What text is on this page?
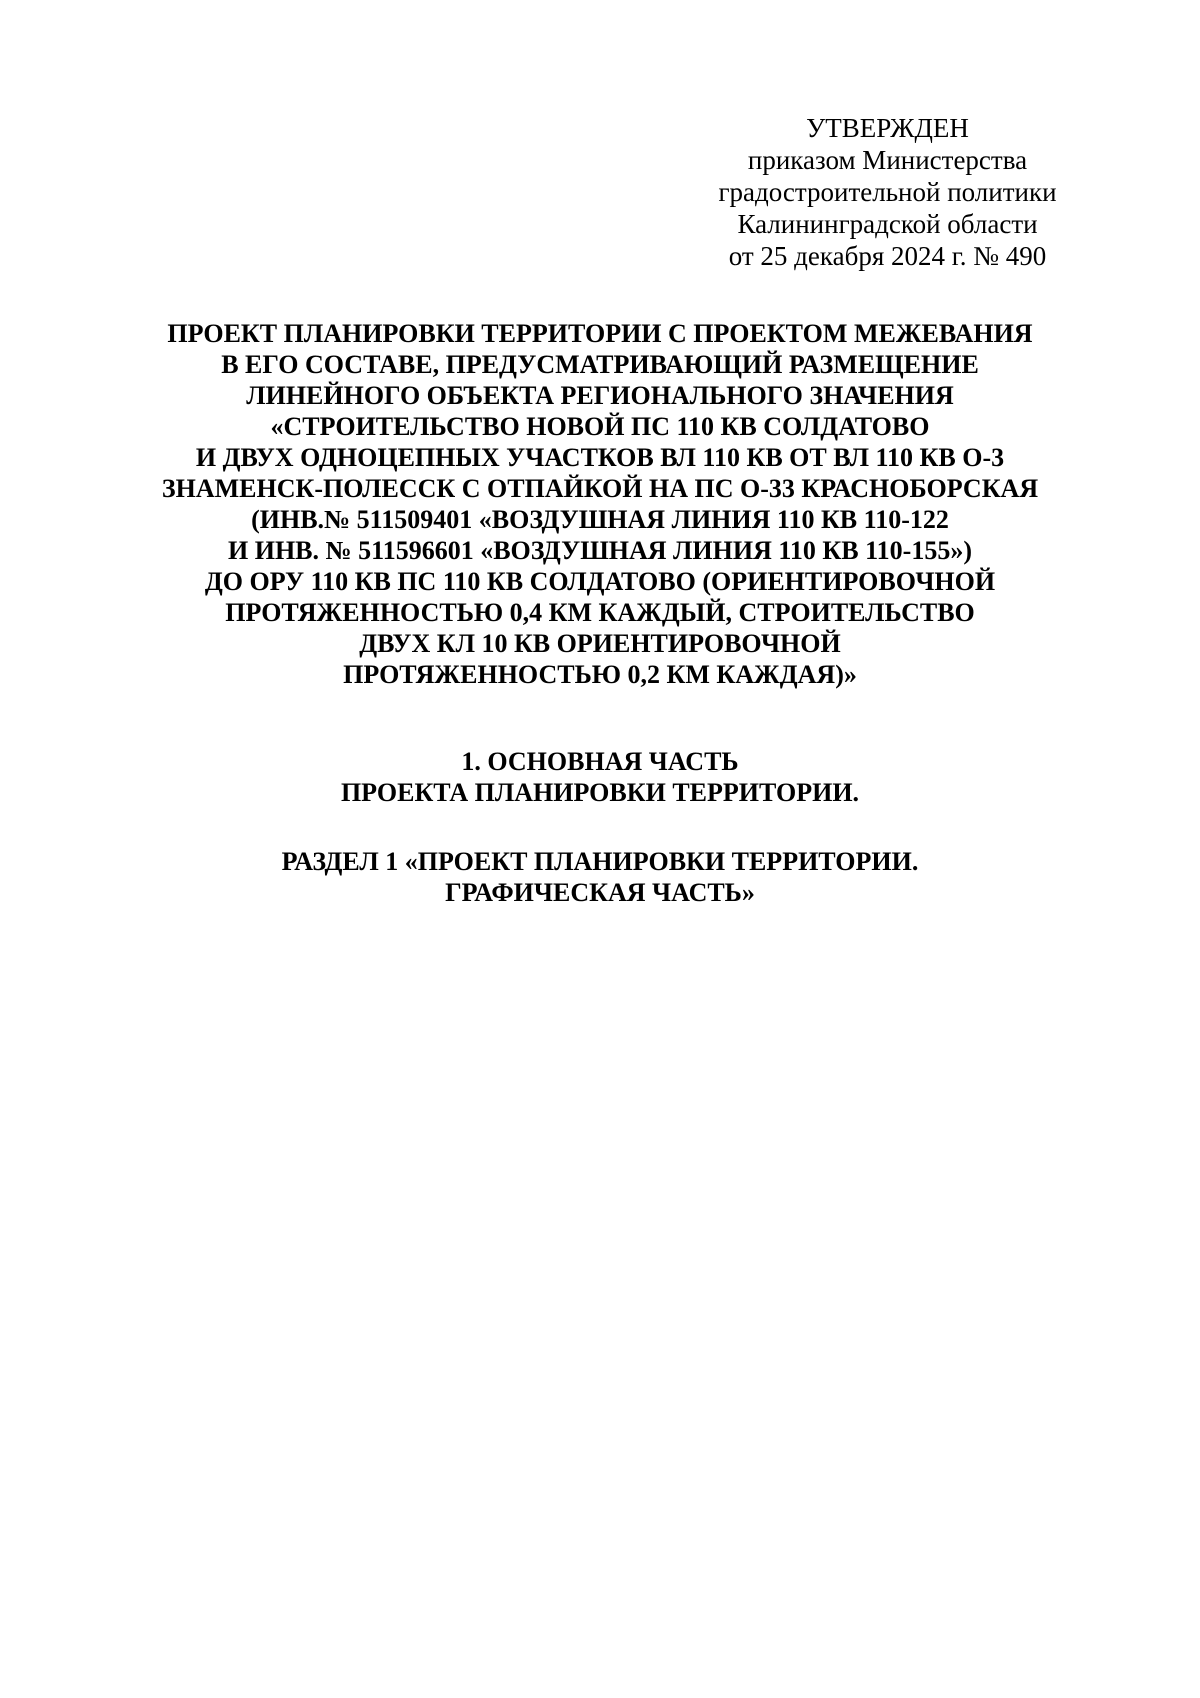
УТВЕРЖДЕН
приказом Министерства
градостроительной политики
Калининградской области
от 25 декабря 2024 г. № 490
ПРОЕКТ ПЛАНИРОВКИ ТЕРРИТОРИИ С ПРОЕКТОМ МЕЖЕВАНИЯ
В ЕГО СОСТАВЕ, ПРЕДУСМАТРИВАЮЩИЙ РАЗМЕЩЕНИЕ
ЛИНЕЙНОГО ОБЪЕКТА РЕГИОНАЛЬНОГО ЗНАЧЕНИЯ
«СТРОИТЕЛЬСТВО НОВОЙ ПС 110 КВ СОЛДАТОВО
И ДВУХ ОДНОЦЕПНЫХ УЧАСТКОВ ВЛ 110 КВ ОТ ВЛ 110 КВ О-3
ЗНАМЕНСК-ПОЛЕССК С ОТПАЙКОЙ НА ПС О-33 КРАСНОБОРСКАЯ
(ИНВ.№ 511509401 «ВОЗДУШНАЯ ЛИНИЯ 110 КВ 110-122
И ИНВ. № 511596601 «ВОЗДУШНАЯ ЛИНИЯ 110 КВ 110-155»)
ДО ОРУ 110 КВ ПС 110 КВ СОЛДАТОВО (ОРИЕНТИРОВОЧНОЙ
ПРОТЯЖЕННОСТЬЮ 0,4 КМ КАЖДЫЙ, СТРОИТЕЛЬСТВО
ДВУХ КЛ 10 КВ ОРИЕНТИРОВОЧНОЙ
ПРОТЯЖЕННОСТЬЮ 0,2 КМ КАЖДАЯ)»
1. ОСНОВНАЯ ЧАСТЬ
ПРОЕКТА ПЛАНИРОВКИ ТЕРРИТОРИИ.
РАЗДЕЛ 1 «ПРОЕКТ ПЛАНИРОВКИ ТЕРРИТОРИИ.
ГРАФИЧЕСКАЯ ЧАСТЬ»
